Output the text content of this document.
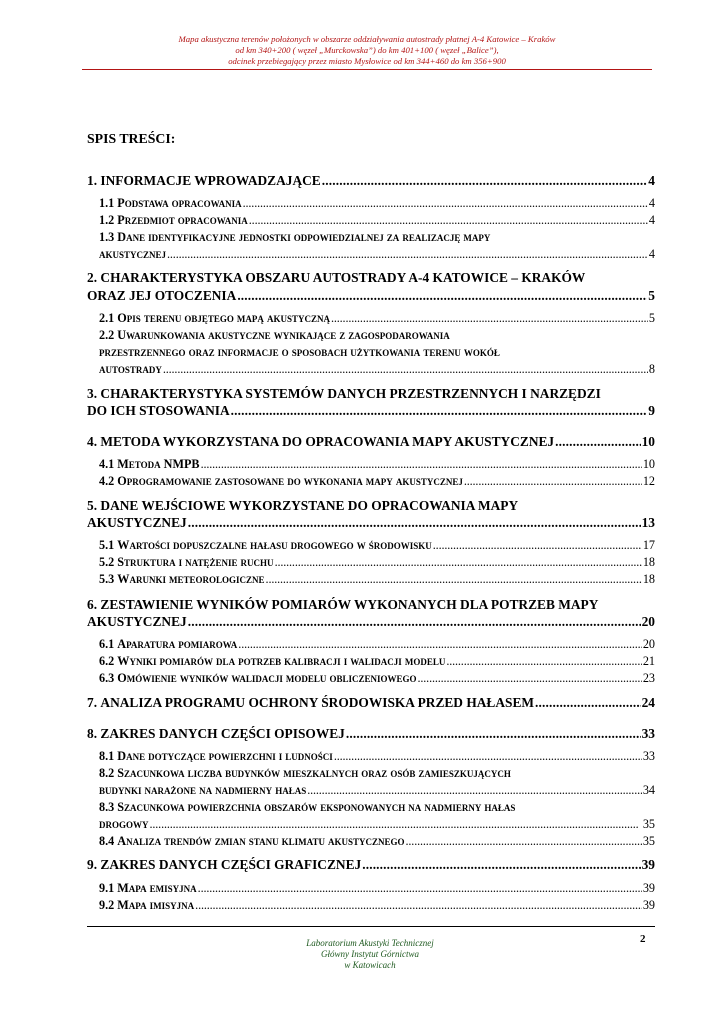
Mapa akustyczna terenów położonych w obszarze oddziaływania autostrady płatnej A-4 Katowice – Kraków
od km 340+200 ( węzeł „Murckowska”) do km 401+100 ( węzeł „Balice”),
odcinek przebiegający przez miasto Mysłowice od km 344+460 do km 356+900
SPIS TREŚCI:
1.
INFORMACJE WPROWADZAJĄCE . . .	4
1.1
Podstawa opracowania . . .	4
1.2
Przedmiot opracowania . . .	4
1.3 Dane identyfikacyjne jednostki odpowiedzialnej za realizację mapy
akustycznej . . .	4
2. CHARAKTERYSTYKA OBSZARU AUTOSTRADY A-4 KATOWICE – KRAKÓW
ORAZ JEJ OTOCZENIA . . .	5
2.1
Opis terenu objętego mapą akustyczną . . .	5
2.2 Uwarunkowania akustyczne wynikające z zagospodarowania
przestrzennego oraz informacje o sposobach użytkowania terenu wokół
autostrady . . .	8
3. CHARAKTERYSTYKA SYSTEMÓW DANYCH PRZESTRZENNYCH I NARZĘDZI
DO ICH STOSOWANIA . . .	9
4.
METODA WYKORZYSTANA DO OPRACOWANIA MAPY AKUSTYCZNEJ . . .	10
4.1
Metoda NMPB . . .	10
4.2
Oprogramowanie zastosowane do wykonania mapy akustycznej . . .	12
5. DANE WEJŚCIOWE WYKORZYSTANE DO OPRACOWANIA MAPY
AKUSTYCZNEJ . . .	13
5.1
Wartości dopuszczalne hałasu drogowego w środowisku . . .	17
5.2
Struktura i natężenie ruchu . . .	18
5.3
Warunki meteorologiczne . . .	18
6. ZESTAWIENIE WYNIKÓW POMIARÓW WYKONANYCH DLA POTRZEB MAPY
AKUSTYCZNEJ . . .	20
6.1
Aparatura pomiarowa . . .	20
6.2
Wyniki pomiarów dla potrzeb kalibracji i walidacji modelu . . .	21
6.3
Omówienie wyników walidacji modelu obliczeniowego . . .	23
7.
ANALIZA PROGRAMU OCHRONY ŚRODOWISKA PRZED HAŁASEM . . .	24
8.
ZAKRES DANYCH CZĘŚCI OPISOWEJ . . .	33
8.1
Dane dotyczące powierzchni i ludności . . .	33
8.2 Szacunkowa liczba budynków mieszkalnych oraz osób zamieszkujących
budynki narażone na nadmierny hałas . . .	34
8.3 Szacunkowa powierzchnia obszarów eksponowanych na nadmierny hałas
drogowy . . .	35
8.4
Analiza trendów zmian stanu klimatu akustycznego . . .	35
9.
ZAKRES DANYCH CZĘŚCI GRAFICZNEJ . . .	39
9.1
Mapa emisyjna . . .	39
9.2
Mapa imisyjna . . .	39
2
Laboratorium Akustyki Technicznej
Główny Instytut Górnictwa
w Katowicach
